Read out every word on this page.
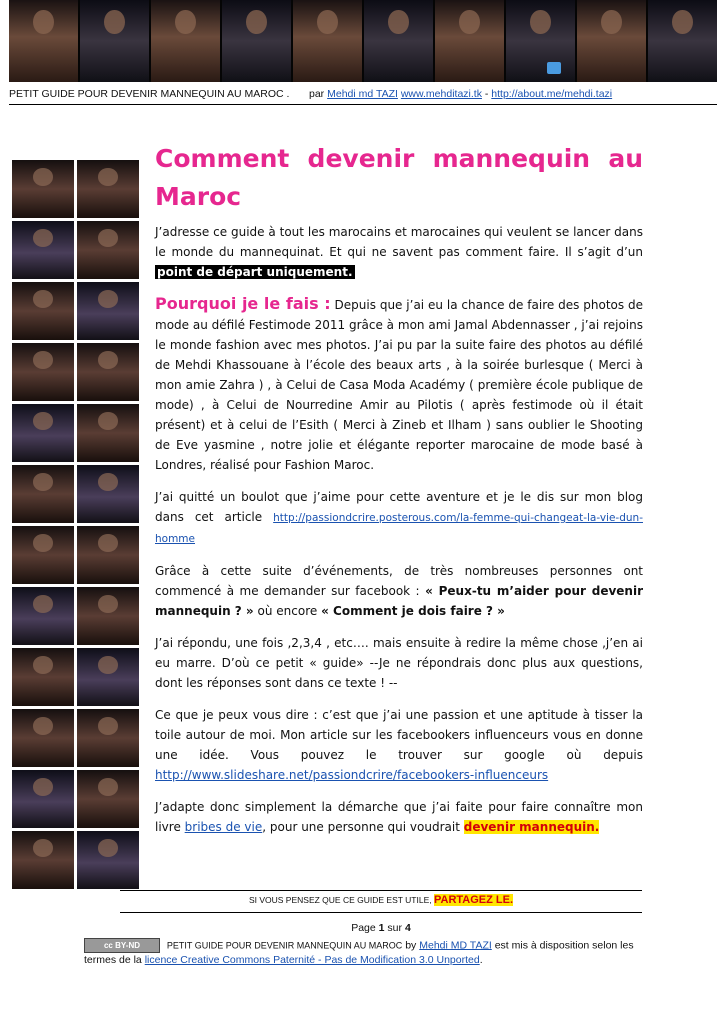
PETIT GUIDE POUR DEVENIR MANNEQUIN AU MAROC . par Mehdi md TAZI www.mehditazi.tk - http://about.me/mehdi.tazi
Comment devenir mannequin au Maroc

J’adresse ce guide à tout les marocains et marocaines qui veulent se lancer dans le monde du mannequinat. Et qui ne savent pas comment faire. Il s’agit d’un point de départ uniquement.

Pourquoi je le fais : Depuis que j’ai eu la chance de faire des photos de mode au défilé Festimode 2011 grâce à mon ami Jamal Abdennasser , j’ai rejoins le monde fashion avec mes photos. J’ai pu par la suite faire des photos au défilé de Mehdi Khassouane à l’école des beaux arts , à la soirée burlesque ( Merci à mon amie Zahra ) , à Celui de Casa Moda Académy ( première école publique de mode) , à Celui de Nourredine Amir au Pilotis ( après festimode où il était présent) et à celui de l’Esith ( Merci à Zineb et Ilham ) sans oublier le Shooting de Eve yasmine , notre jolie et élégante reporter marocaine de mode basé à Londres, réalisé pour Fashion Maroc.

J’ai quitté un boulot que j’aime pour cette aventure et je le dis sur mon blog dans cet article http://passiondcrire.posterous.com/la-femme-qui-changeat-la-vie-dun-homme

Grâce à cette suite d’événements, de très nombreuses personnes ont commencé à me demander sur facebook : « Peux-tu m’aider pour devenir mannequin ? » où encore « Comment je dois faire ? »

J’ai répondu, une fois ,2,3,4 , etc…. mais ensuite à redire la même chose ,j’en ai eu marre. D’où ce petit « guide» --Je ne répondrais donc plus aux questions, dont les réponses sont dans ce texte ! --

Ce que je peux vous dire : c’est que j’ai une passion et une aptitude à tisser la toile autour de moi. Mon article sur les facebookers influenceurs vous en donne une idée. Vous pouvez le trouver sur google où depuis http://www.slideshare.net/passiondcrire/facebookers-influenceurs

J’adapte donc simplement la démarche que j’ai faite pour faire connaître mon livre bribes de vie, pour une personne qui voudrait devenir mannequin.

SI VOUS PENSEZ QUE CE GUIDE EST UTILE, PARTAGEZ LE.
Page 1 sur 4
cc BY-ND	PETIT GUIDE POUR DEVENIR MANNEQUIN AU MAROC by Mehdi MD TAZI est mis à disposition selon les termes de la licence Creative Commons Paternité - Pas de Modification 3.0 Unported.
